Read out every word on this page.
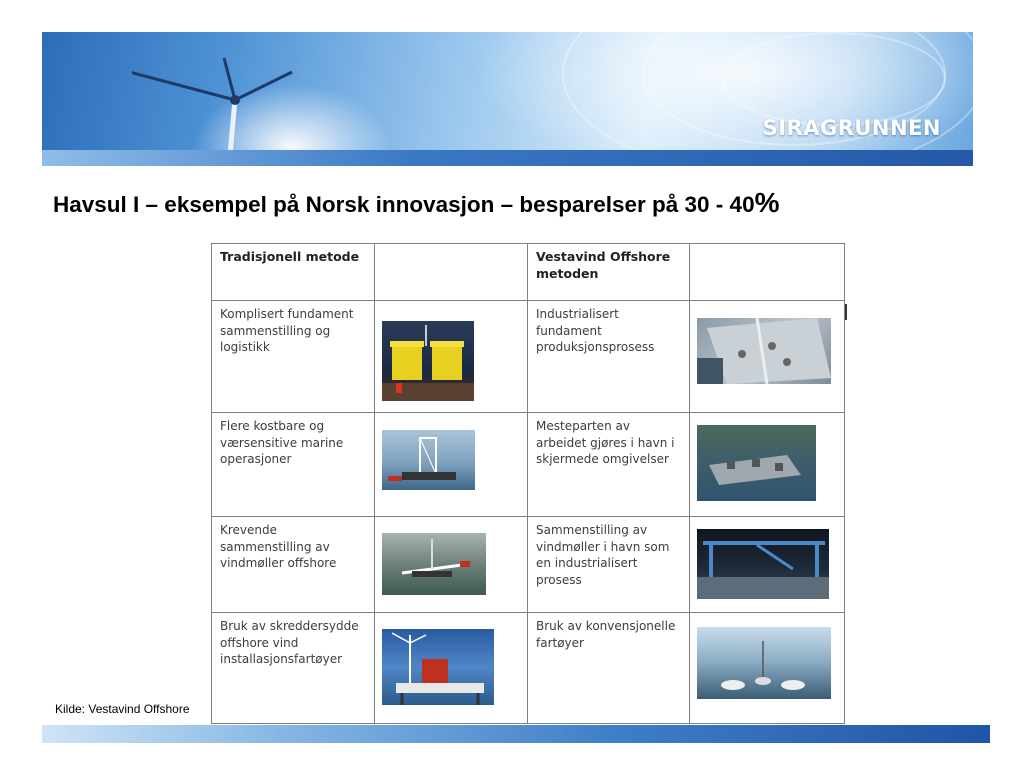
SIRAGRUNNEN
Havsul I – eksempel på Norsk innovasjon – besparelser på 30 - 40%
Tradisjonell metode		Vestavind Offshore metoden	

Komplisert fundament sammenstilling og logistikk		Industrialisert fundament produksjonsprosess

Flere kostbare og værsensitive marine operasjoner		Mesteparten av arbeidet gjøres i havn i skjermede omgivelser

Krevende sammenstilling av vindmøller offshore		Sammenstilling av vindmøller i havn som en industrialisert prosess

Bruk av skreddersydde offshore vind installasjonsfartøyer		Bruk av konvensjonelle fartøyer

Kilde: Vestavind Offshore
